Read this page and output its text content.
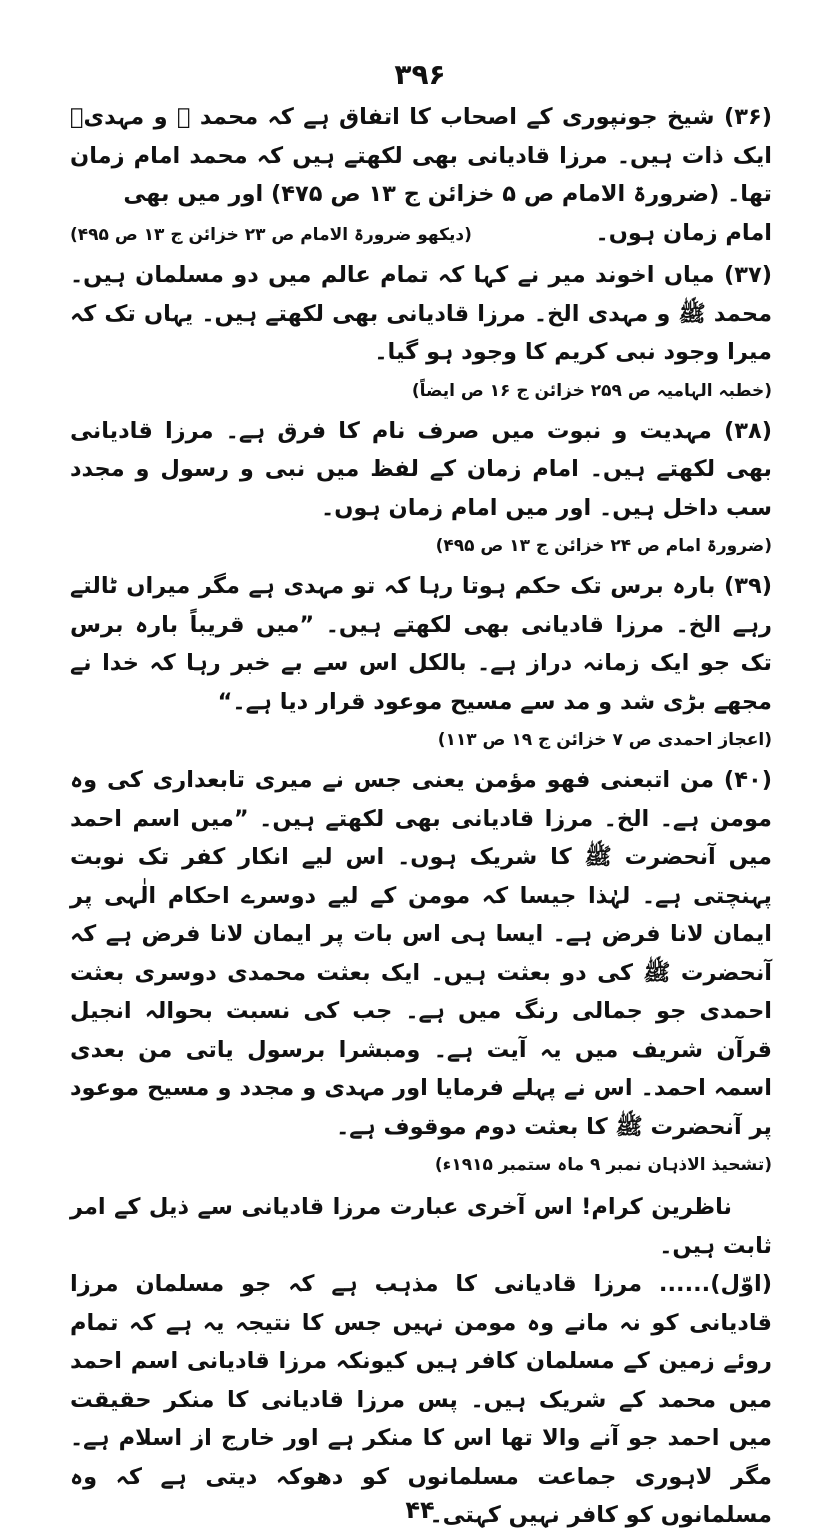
۳۹۶

(۳۶) شیخ جونپوری کے اصحاب کا اتفاق ہے کہ محمد ﷺ و مہدیؑ ایک ذات ہیں۔ مرزا قادیانی بھی لکھتے ہیں کہ محمد امام زمان تھا۔ (ضرورۃ الامام ص ۵ خزائن ج ۱۳ ص ۴۷۵) اور میں بھی

امام زمان ہوں۔
(دیکھو ضرورۃ الامام ص ۲۳ خزائن ج ۱۳ ص ۴۹۵)

(۳۷) میاں اخوند میر نے کہا کہ تمام عالم میں دو مسلمان ہیں۔ محمد ﷺ و مہدی الخ۔ مرزا قادیانی بھی لکھتے ہیں۔ یہاں تک کہ میرا وجود نبی کریم کا وجود ہو گیا۔

(خطبہ الہامیہ ص ۲۵۹ خزائن ج ۱۶ ص ایضاً)

(۳۸) مہدیت و نبوت میں صرف نام کا فرق ہے۔ مرزا قادیانی بھی لکھتے ہیں۔ امام زمان کے لفظ میں نبی و رسول و مجدد سب داخل ہیں۔ اور میں امام زمان ہوں۔

(ضرورۃ امام ص ۲۴ خزائن ج ۱۳ ص ۴۹۵)

(۳۹) بارہ برس تک حکم ہوتا رہا کہ تو مہدی ہے مگر میراں ٹالتے رہے الخ۔ مرزا قادیانی بھی لکھتے ہیں۔ ”میں قریباً بارہ برس تک جو ایک زمانہ دراز ہے۔ بالکل اس سے بے خبر رہا کہ خدا نے مجھے بڑی شد و مد سے مسیح موعود قرار دیا ہے۔“

(اعجاز احمدی ص ۷ خزائن ج ۱۹ ص ۱۱۳)

(۴۰) من اتبعنی فھو مؤمن یعنی جس نے میری تابعداری کی وہ مومن ہے۔ الخ۔ مرزا قادیانی بھی لکھتے ہیں۔ ”میں اسم احمد میں آنحضرت ﷺ کا شریک ہوں۔ اس لیے انکار کفر تک نوبت پہنچتی ہے۔ لہٰذا جیسا کہ مومن کے لیے دوسرے احکام الٰہی پر ایمان لانا فرض ہے۔ ایسا ہی اس بات پر ایمان لانا فرض ہے کہ آنحضرت ﷺ کی دو بعثت ہیں۔ ایک بعثت محمدی دوسری بعثت احمدی جو جمالی رنگ میں ہے۔ جب کی نسبت بحوالہ انجیل قرآن شریف میں یہ آیت ہے۔ ومبشرا برسول یاتی من بعدی اسمہ احمد۔ اس نے پہلے فرمایا اور مہدی و مجدد و مسیح موعود پر آنحضرت ﷺ کا بعثت دوم موقوف ہے۔

(تشحیذ الاذہان نمبر ۹ ماہ ستمبر ۱۹۱۵ء)

ناظرین کرام! اس آخری عبارت مرزا قادیانی سے ذیل کے امر ثابت ہیں۔

(اوّل)...... مرزا قادیانی کا مذہب ہے کہ جو مسلمان مرزا قادیانی کو نہ مانے وہ مومن نہیں جس کا نتیجہ یہ ہے کہ تمام روئے زمین کے مسلمان کافر ہیں کیونکہ مرزا قادیانی اسم احمد میں محمد کے شریک ہیں۔ پس مرزا قادیانی کا منکر حقیقت میں احمد جو آنے والا تھا اس کا منکر ہے اور خارج از اسلام ہے۔ مگر لاہوری جماعت مسلمانوں کو دھوکہ دیتی ہے کہ وہ مسلمانوں کو کافر نہیں کہتی۔

۴۴
